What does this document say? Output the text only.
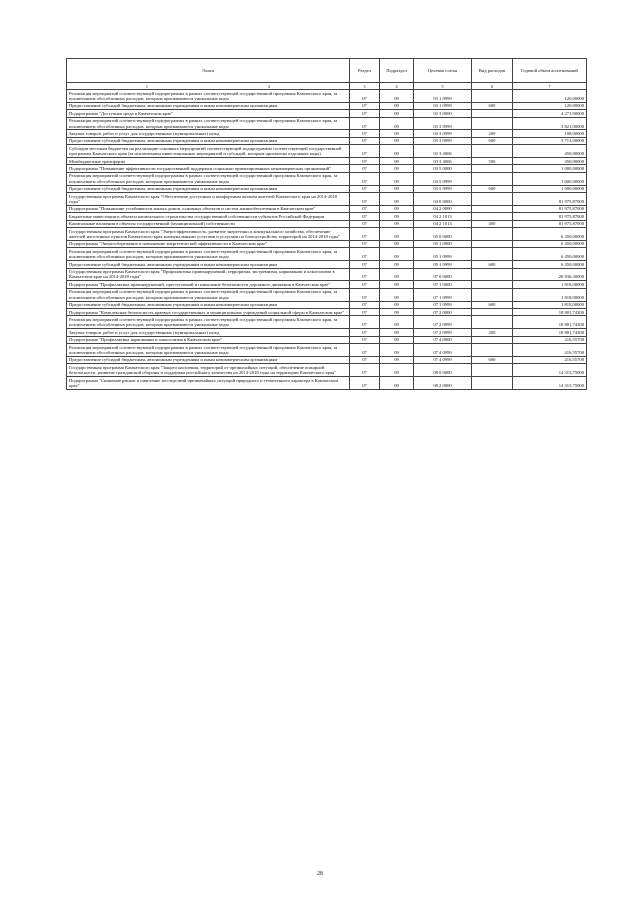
Эллкп	Раздел	Подраздел	Целевая статья	Вид расходов	Годовой объем ассигнований
1 2	3	4	5	6	7
Реализация мероприятий соответствующей подпрограммы в рамках соответствующей государственной программы Камчатского края, за исключением обособленных расходов, которым присваиваются уникальные коды	07	09	03 1 0999		120,00000
Предоставление субсидий бюджетным, автономным учреждениям и иным некоммерческим организациям	07	09	03 1 0999	600	120,00000
Подпрограмма "Доступная среда в Камчатском крае"	07	09	03 3 0000		4 271,00000
Реализация мероприятий соответствующей подпрограммы в рамках соответствующей государственной программы Камчатского края, за исключением обособленных расходов, которым присваиваются уникальные коды	07	09	03 3 0999		3 821,00000
Закупка товаров, работ и услуг для государственных (муниципальных) нужд	07	09	03 3 0999	200	108,00000
Предоставление субсидий бюджетным, автономным учреждениям и иным некоммерческим организациям	07	09	03 3 0999	600	3 713,00000
Субсидии местным бюджетам на реализацию основных мероприятий соответствующей подпрограммы соответствующей государственной программы Камчатского края (за исключением инвестиционных мероприятий и субсидий, которым присвоены отдельные коды)	07	09	03 3 4006		450,00000
Межбюджетные трансферты	07	09	03 3 4006	500	450,00000
Подпрограмма "Повышение эффективности государственной поддержки социально ориентированных некоммерческих организаций"	07	09	03 5 0000		1 000,00000
Реализация мероприятий соответствующей подпрограммы в рамках соответствующей государственной программы Камчатского края, за исключением обособленных расходов, которым присваиваются уникальные коды	07	09	03 5 0999		1 000,00000
Предоставление субсидий бюджетным, автономным учреждениям и иным некоммерческим организациям	07	09	03 5 0999	600	1 000,00000
Государственная программа Камчатского края "Обеспечение доступным и комфортным жильем жителей Камчатского края на 2014-2018 годы"	07	09	04 0 0000		81 975,87000
Подпрограмма "Повышение устойчивости жилых домов, основных объектов и систем жизнеобеспечения в Камчатском крае"	07	09	04 2 0000		81 975,87000
Бюджетные инвестиции в объекты капитального строительства государственной собственности субъектов Российской Федерации	07	09	04 2 1013		81 975,87000
Капитальные вложения в объекты государственной (муниципальной) собственности	07	09	04 2 1013	400	81 975,87000
Государственная программа Камчатского края "Энергоэффективность, развитие энергетики и коммунального хозяйства, обеспечение жителей населенных пунктов Камчатского края коммунальными услугами и услугами по благоустройству территорий на 2014-2018 годы"	07	09	05 0 0000		6 450,00000
Подпрограмма "Энергосбережение и повышение энергетической эффективности в Камчатском крае"	07	09	05 1 0000		6 450,00000
Реализация мероприятий соответствующей подпрограммы в рамках соответствующей государственной программы Камчатского края, за исключением обособленных расходов, которым присваиваются уникальные коды	07	09	05 1 0999		6 450,00000
Предоставление субсидий бюджетным, автономным учреждениям и иным некоммерческим организациям	07	09	05 1 0999	600	6 450,00000
Государственная программа Камчатского края "Профилактика правонарушений, терроризма, экстремизма, наркомании и алкоголизма в Камчатском крае на 2014-2018 годы"	07	09	07 0 0000		20 836,30000
Подпрограмма "Профилактика правонарушений, преступлений и повышение безопасности дорожного движения в Камчатском крае"	07	09	07 1 0000		1 818,00000
Реализация мероприятий соответствующей подпрограммы в рамках соответствующей государственной программы Камчатского края, за исключением обособленных расходов, которым присваиваются уникальные коды	07	09	07 1 0999		1 818,00000
Предоставление субсидий бюджетным, автономным учреждениям и иным некоммерческим организациям	07	09	07 1 0999	600	1 818,00000
Подпрограмма "Комплексная безопасность краевых государственных и муниципальных учреждений социальной сферы в Камчатском крае"	07	09	07 2 0000		18 801,74300
Реализация мероприятий соответствующей подпрограммы в рамках соответствующей государственной программы Камчатского края, за исключением обособленных расходов, которым присваиваются уникальные коды	07	09	07 2 0999		18 801,74300
Закупка товаров, работ и услуг для государственных (муниципальных) нужд	07	09	07 2 0999	200	18 801,74300
Подпрограмма "Профилактика наркомании и алкоголизма в Камчатском крае"	07	09	07 4 0000		216,55700
Реализация мероприятий соответствующей подпрограммы в рамках соответствующей государственной программы Камчатского края, за исключением обособленных расходов, которым присваиваются уникальные коды	07	09	07 4 0999		216,55700
Предоставление субсидий бюджетным, автономным учреждениям и иным некоммерческим организациям	07	09	07 4 0999	600	216,55700
Государственная программа Камчатского края "Защита населения, территорий от чрезвычайных ситуаций, обеспечение пожарной безопасности, развитие гражданской обороны и поддержка российского казачества на 2014-2018 годы на территории Камчатского края"	07	09	08 0 0000		14 315,75000
Подпрограмма "Снижение рисков и смягчение последствий чрезвычайных ситуаций природного и техногенного характера в Камчатском крае"	07	09	08 2 0000		14 315,75000
28
